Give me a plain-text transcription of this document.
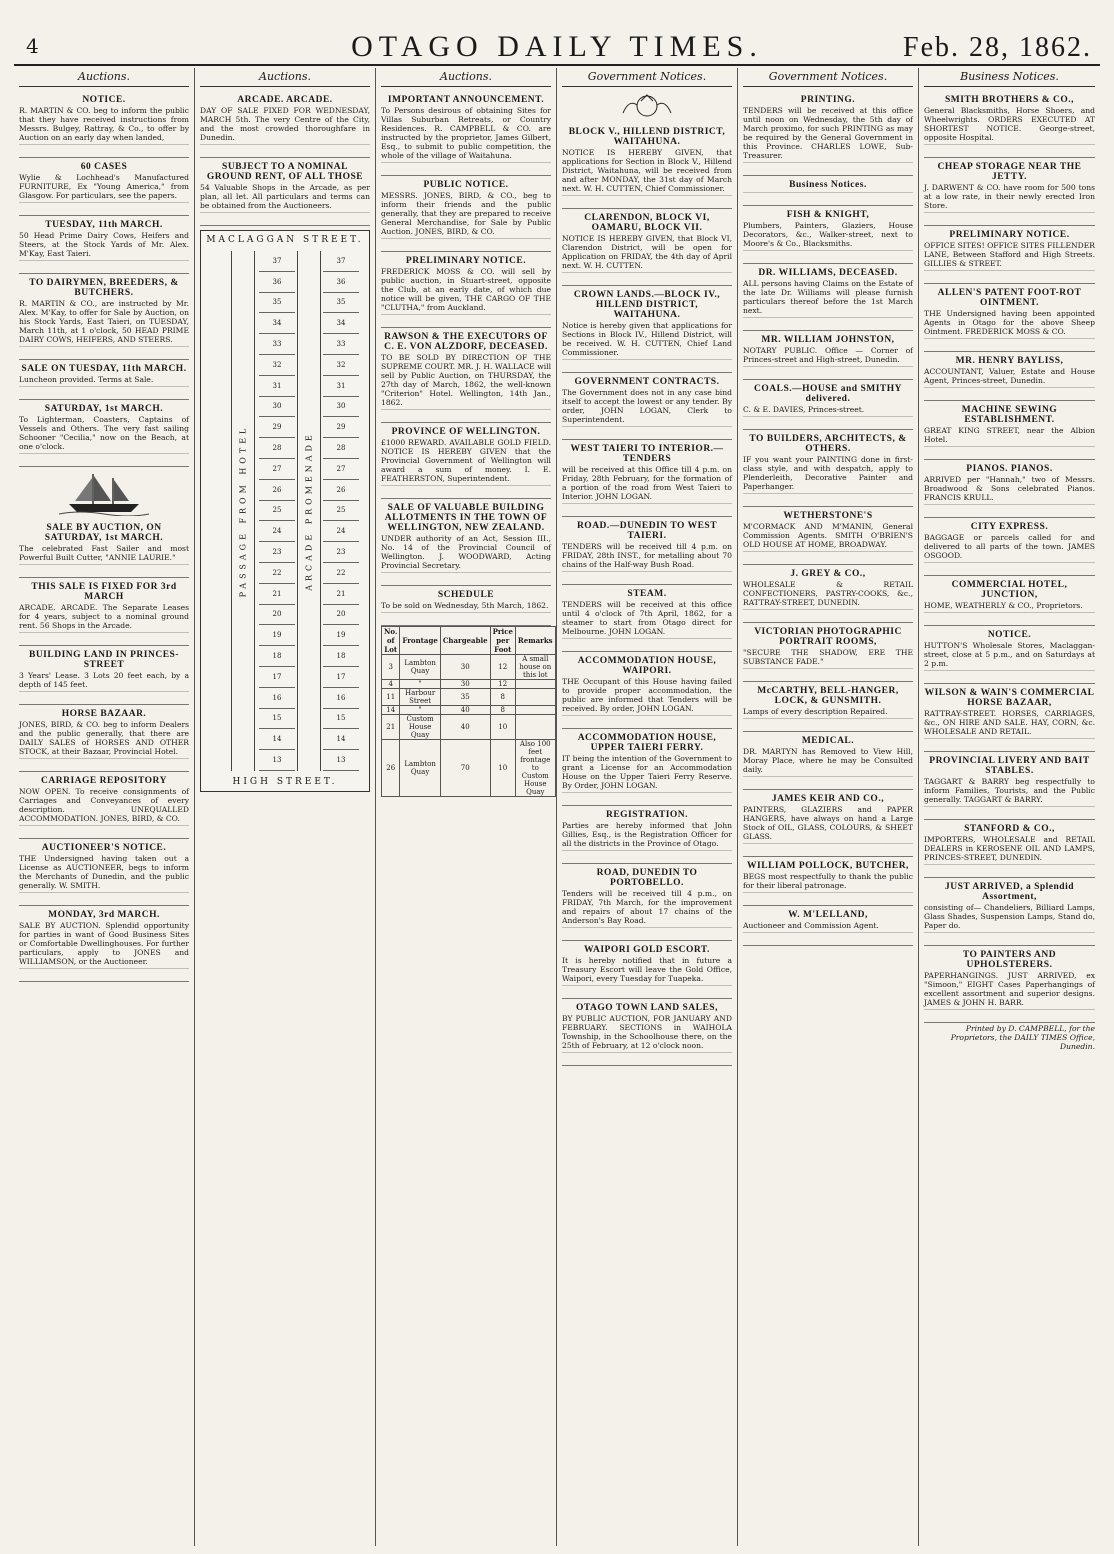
4	OTAGO DAILY TIMES.	Feb. 28, 1862.
Auctions.
NOTICE.
R. MARTIN & CO. beg to inform the public that they have received instructions from Messrs. Bulgey, Rattray, & Co., to offer by Auction on an early day when landed,
60 CASES
Wylie & Lochhead's Manufactured FURNITURE, Ex "Young America," from Glasgow. For particulars, see the papers.
TUESDAY, 11th MARCH.
50 Head Prime Dairy Cows, Heifers and Steers, at the Stock Yards of Mr. Alex. M'Kay, East Taieri.
TO DAIRYMEN, BREEDERS, & BUTCHERS.
R. MARTIN & CO., are instructed by Mr. Alex. M'Kay, to offer for Sale by Auction, on his Stock Yards, East Taieri, on TUESDAY, March 11th, at 1 o'clock, 50 HEAD PRIME DAIRY COWS, HEIFERS, AND STEERS.
SALE ON TUESDAY, 11th MARCH.
Luncheon provided. Terms at Sale.
SATURDAY, 1st MARCH.
To Lighterman, Coasters, Captains of Vessels and Others. The very fast sailing Schooner "Cecilia," now on the Beach, at one o'clock.
SALE BY AUCTION, ON SATURDAY, 1st MARCH.
The celebrated Fast Sailer and most Powerful Built Cutter, "ANNIE LAURIE."
THIS SALE IS FIXED FOR 3rd MARCH
ARCADE. ARCADE. The Separate Leases for 4 years, subject to a nominal ground rent. 56 Shops in the Arcade.
BUILDING LAND IN PRINCES-STREET
3 Years' Lease. 3 Lots 20 feet each, by a depth of 145 feet.
HORSE BAZAAR.
JONES, BIRD, & CO. beg to inform Dealers and the public generally, that there are DAILY SALES of HORSES AND OTHER STOCK, at their Bazaar, Provincial Hotel.
CARRIAGE REPOSITORY
NOW OPEN. To receive consignments of Carriages and Conveyances of every description. UNEQUALLED ACCOMMODATION. JONES, BIRD, & CO.
AUCTIONEER'S NOTICE.
THE Undersigned having taken out a License as AUCTIONEER, begs to inform the Merchants of Dunedin, and the public generally. W. SMITH.
MONDAY, 3rd MARCH.
SALE BY AUCTION. Splendid opportunity for parties in want of Good Business Sites or Comfortable Dwellinghouses. For further particulars, apply to JONES and WILLIAMSON, or the Auctioneer.
Auctions.
ARCADE. ARCADE.
DAY OF SALE FIXED FOR WEDNESDAY, MARCH 5th. The very Centre of the City, and the most crowded thoroughfare in Dunedin.
SUBJECT TO A NOMINAL GROUND RENT, OF ALL THOSE
54 Valuable Shops in the Arcade, as per plan, all let. All particulars and terms can be obtained from the Auctioneers.
MACLAGGAN STREET.
PASSAGE FROM HOTEL	ARCADE PROMENADE
37
36
35
34
33
32
31
30
29
28
27
26
25
24
23
22
21
20
19
18
17
16
15
14
13
37
36
35
34
33
32
31
30
29
28
27
26
25
24
23
22
21
20
19
18
17
16
15
14
13
HIGH STREET.
Auctions.
IMPORTANT ANNOUNCEMENT.
To Persons desirous of obtaining Sites for Villas Suburban Retreats, or Country Residences. R. CAMPBELL & CO. are instructed by the proprietor, James Gilbert, Esq., to submit to public competition, the whole of the village of Waitahuna.
PUBLIC NOTICE.
MESSRS. JONES, BIRD, & CO., beg to inform their friends and the public generally, that they are prepared to receive General Merchandise, for Sale by Public Auction. JONES, BIRD, & CO.
PRELIMINARY NOTICE.
FREDERICK MOSS & CO. will sell by public auction, in Stuart-street, opposite the Club, at an early date, of which due notice will be given, THE CARGO OF THE "CLUTHA," from Auckland.
RAWSON & THE EXECUTORS OF C. E. VON ALZDORF, DECEASED.
TO BE SOLD BY DIRECTION OF THE SUPREME COURT. MR. J. H. WALLACE will sell by Public Auction, on THURSDAY, the 27th day of March, 1862, the well-known "Criterion" Hotel. Wellington, 14th Jan., 1862.
PROVINCE OF WELLINGTON.
£1000 REWARD. AVAILABLE GOLD FIELD. NOTICE IS HEREBY GIVEN that the Provincial Government of Wellington will award a sum of money. I. E. FEATHERSTON, Superintendent.
SALE OF VALUABLE BUILDING ALLOTMENTS IN THE TOWN OF WELLINGTON, NEW ZEALAND.
UNDER authority of an Act, Session III., No. 14 of the Provincial Council of Wellington. J. WOODWARD, Acting Provincial Secretary.
SCHEDULE
To be sold on Wednesday, 5th March, 1862.
No. of Lot	Frontage	Chargeable	Price per Foot	Remarks
3	Lambton Quay	30	12	A small house on this lot
4	"	30	12	
11	Harbour Street	35	8	
14	"	40	8	
21	Custom House Quay	40	10	
26	Lambton Quay	70	10	Also 100 feet frontage to Custom House Quay
Government Notices.
BLOCK V., HILLEND DISTRICT, WAITAHUNA.
NOTICE IS HEREBY GIVEN, that applications for Section in Block V., Hillend District, Waitahuna, will be received from and after MONDAY, the 31st day of March next. W. H. CUTTEN, Chief Commissioner.
CLARENDON, BLOCK VI, OAMARU, BLOCK VII.
NOTICE IS HEREBY GIVEN, that Block VI, Clarendon District, will be open for Application on FRIDAY, the 4th day of April next. W. H. CUTTEN.
CROWN LANDS.—BLOCK IV., HILLEND DISTRICT, WAITAHUNA.
Notice is hereby given that applications for Sections in Block IV., Hillend District, will be received. W. H. CUTTEN, Chief Land Commissioner.
GOVERNMENT CONTRACTS.
The Government does not in any case bind itself to accept the lowest or any tender. By order, JOHN LOGAN, Clerk to Superintendent.
WEST TAIERI TO INTERIOR.—TENDERS
will be received at this Office till 4 p.m. on Friday, 28th February, for the formation of a portion of the road from West Taieri to Interior. JOHN LOGAN.
ROAD.—DUNEDIN TO WEST TAIERI.
TENDERS will be received till 4 p.m. on FRIDAY, 28th INST., for metalling about 70 chains of the Half-way Bush Road.
STEAM.
TENDERS will be received at this office until 4 o'clock of 7th April, 1862, for a steamer to start from Otago direct for Melbourne. JOHN LOGAN.
ACCOMMODATION HOUSE, WAIPORI.
THE Occupant of this House having failed to provide proper accommodation, the public are informed that Tenders will be received. By order, JOHN LOGAN.
ACCOMMODATION HOUSE, UPPER TAIERI FERRY.
IT being the intention of the Government to grant a License for an Accommodation House on the Upper Taieri Ferry Reserve. By Order, JOHN LOGAN.
REGISTRATION.
Parties are hereby informed that John Gillies, Esq., is the Registration Officer for all the districts in the Province of Otago.
ROAD, DUNEDIN TO PORTOBELLO.
Tenders will be received till 4 p.m., on FRIDAY, 7th March, for the improvement and repairs of about 17 chains of the Anderson's Bay Road.
WAIPORI GOLD ESCORT.
It is hereby notified that in future a Treasury Escort will leave the Gold Office, Waipori, every Tuesday for Tuapeka.
OTAGO TOWN LAND SALES,
BY PUBLIC AUCTION, FOR JANUARY AND FEBRUARY. SECTIONS in WAIHOLA Township, in the Schoolhouse there, on the 25th of February, at 12 o'clock noon.
Government Notices.
PRINTING.
TENDERS will be received at this office until noon on Wednesday, the 5th day of March proximo, for such PRINTING as may be required by the General Government in this Province. CHARLES LOWE, Sub-Treasurer.
Business Notices.
FISH & KNIGHT,
Plumbers, Painters, Glaziers, House Decorators, &c., Walker-street, next to Moore's & Co., Blacksmiths.
DR. WILLIAMS, DECEASED.
ALL persons having Claims on the Estate of the late Dr. Williams will please furnish particulars thereof before the 1st March next.
MR. WILLIAM JOHNSTON,
NOTARY PUBLIC. Office — Corner of Princes-street and High-street, Dunedin.
COALS.—HOUSE and SMITHY delivered.
C. & E. DAVIES, Princes-street.
TO BUILDERS, ARCHITECTS, & OTHERS.
IF you want your PAINTING done in first-class style, and with despatch, apply to Plenderleith, Decorative Painter and Paperhanger.
WETHERSTONE'S
M'CORMACK AND M'MANIN, General Commission Agents. SMITH O'BRIEN'S OLD HOUSE AT HOME, BROADWAY.
J. GREY & CO.,
WHOLESALE & RETAIL CONFECTIONERS, PASTRY-COOKS, &c., RATTRAY-STREET, DUNEDIN.
VICTORIAN PHOTOGRAPHIC PORTRAIT ROOMS,
"SECURE THE SHADOW, ERE THE SUBSTANCE FADE."
McCARTHY, BELL-HANGER, LOCK, & GUNSMITH.
Lamps of every description Repaired.
MEDICAL.
DR. MARTYN has Removed to View Hill, Moray Place, where he may be Consulted daily.
JAMES KEIR AND CO.,
PAINTERS, GLAZIERS and PAPER HANGERS, have always on hand a Large Stock of OIL, GLASS, COLOURS, & SHEET GLASS.
WILLIAM POLLOCK, BUTCHER,
BEGS most respectfully to thank the public for their liberal patronage.
W. M'LELLAND,
Auctioneer and Commission Agent.
Business Notices.
SMITH BROTHERS & CO.,
General Blacksmiths, Horse Shoers, and Wheelwrights. ORDERS EXECUTED AT SHORTEST NOTICE. George-street, opposite Hospital.
CHEAP STORAGE NEAR THE JETTY.
J. DARWENT & CO. have room for 500 tons at a low rate, in their newly erected Iron Store.
PRELIMINARY NOTICE.
OFFICE SITES! OFFICE SITES FILLENDER LANE, Between Stafford and High Streets. GILLIES & STREET.
ALLEN'S PATENT FOOT-ROT OINTMENT.
THE Undersigned having been appointed Agents in Otago for the above Sheep Ointment. FREDERICK MOSS & CO.
MR. HENRY BAYLISS,
ACCOUNTANT, Valuer, Estate and House Agent, Princes-street, Dunedin.
MACHINE SEWING ESTABLISHMENT.
GREAT KING STREET, near the Albion Hotel.
PIANOS. PIANOS.
ARRIVED per "Hannah," two of Messrs. Broadwood & Sons celebrated Pianos. FRANCIS KRULL.
CITY EXPRESS.
BAGGAGE or parcels called for and delivered to all parts of the town. JAMES OSGOOD.
COMMERCIAL HOTEL, JUNCTION,
HOME, WEATHERLY & CO., Proprietors.
NOTICE.
HUTTON'S Wholesale Stores, Maclaggan-street, close at 5 p.m., and on Saturdays at 2 p.m.
WILSON & WAIN'S COMMERCIAL HORSE BAZAAR,
RATTRAY-STREET. HORSES, CARRIAGES, &c., ON HIRE AND SALE. HAY, CORN, &c. WHOLESALE AND RETAIL.
PROVINCIAL LIVERY AND BAIT STABLES.
TAGGART & BARRY beg respectfully to inform Families, Tourists, and the Public generally. TAGGART & BARRY.
STANFORD & CO.,
IMPORTERS, WHOLESALE and RETAIL DEALERS in KEROSENE OIL AND LAMPS, PRINCES-STREET, DUNEDIN.
JUST ARRIVED, a Splendid Assortment,
consisting of— Chandeliers, Billiard Lamps, Glass Shades, Suspension Lamps, Stand do, Paper do.
TO PAINTERS AND UPHOLSTERERS.
PAPERHANGINGS. JUST ARRIVED, ex "Simoon," EIGHT Cases Paperhangings of excellent assortment and superior designs. JAMES & JOHN H. BARR.
Printed by D. CAMPBELL, for the Proprietors, the DAILY TIMES Office, Dunedin.
